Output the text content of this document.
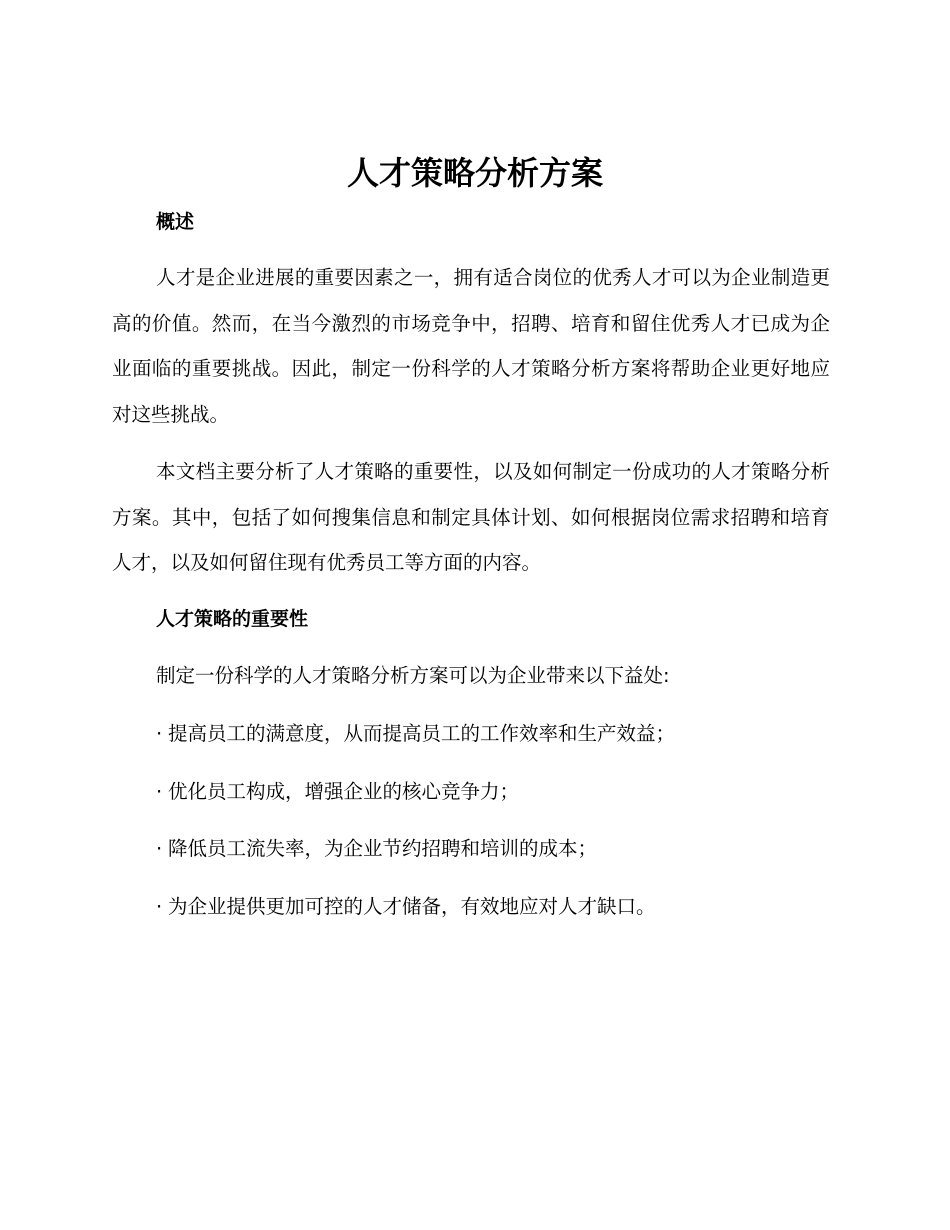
人才策略分析方案
概述

人才是企业进展的重要因素之一，拥有适合岗位的优秀人才可以为企业制造更高的价值。然而，在当今激烈的市场竞争中，招聘、培育和留住优秀人才已成为企业面临的重要挑战。因此，制定一份科学的人才策略分析方案将帮助企业更好地应对这些挑战。

本文档主要分析了人才策略的重要性，以及如何制定一份成功的人才策略分析方案。其中，包括了如何搜集信息和制定具体计划、如何根据岗位需求招聘和培育人才，以及如何留住现有优秀员工等方面的内容。

人才策略的重要性

制定一份科学的人才策略分析方案可以为企业带来以下益处:

· 提高员工的满意度，从而提高员工的工作效率和生产效益；
· 优化员工构成，增强企业的核心竞争力；
· 降低员工流失率，为企业节约招聘和培训的成本；
· 为企业提供更加可控的人才储备，有效地应对人才缺口。
